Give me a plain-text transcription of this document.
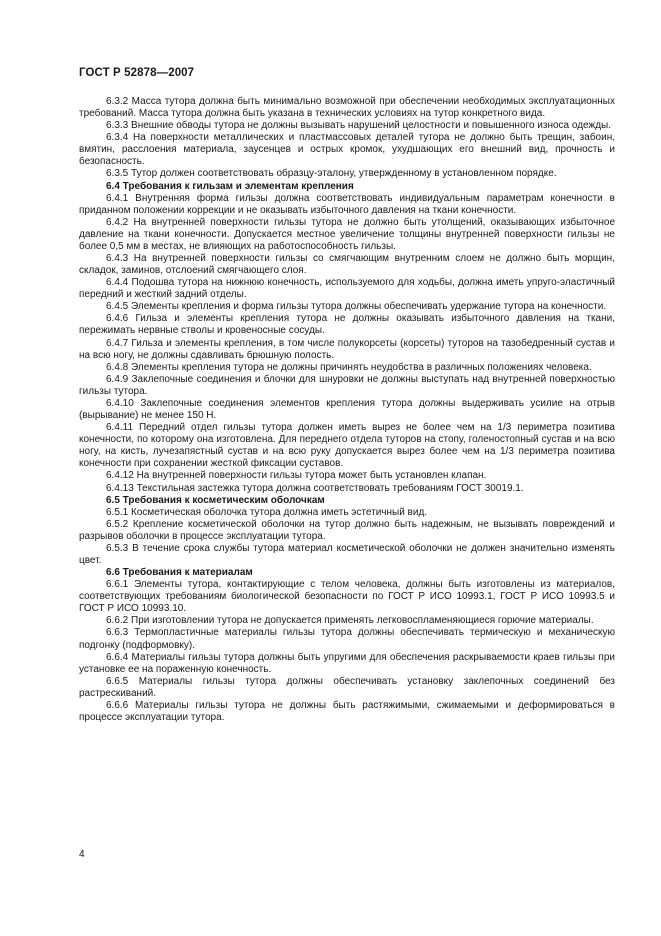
ГОСТ Р 52878—2007

6.3.2 Масса тутора должна быть минимально возможной при обеспечении необходимых эксплуатационных требований. Масса тутора должна быть указана в технических условиях на тутор конкретного вида.

6.3.3 Внешние обводы тутора не должны вызывать нарушений целостности и повышенного износа одежды.

6.3.4 На поверхности металлических и пластмассовых деталей тутора не должно быть трещин, забоин, вмятин, расслоения материала, заусенцев и острых кромок, ухудшающих его внешний вид, прочность и безопасность.

6.3.5 Тутор должен соответствовать образцу-эталону, утвержденному в установленном порядке.

6.4 Требования к гильзам и элементам крепления

6.4.1 Внутренняя форма гильзы должна соответствовать индивидуальным параметрам конечности в приданном положении коррекции и не оказывать избыточного давления на ткани конечности.

6.4.2 На внутренней поверхности гильзы тутора не должно быть утолщений, оказывающих избыточное давление на ткани конечности. Допускается местное увеличение толщины внутренней поверхности гильзы не более 0,5 мм в местах, не влияющих на работоспособность гильзы.

6.4.3 На внутренней поверхности гильзы со смягчающим внутренним слоем не должно быть морщин, складок, заминов, отслоений смягчающего слоя.

6.4.4 Подошва тутора на нижнюю конечность, используемого для ходьбы, должна иметь упруго-эластичный передний и жесткий задний отделы.

6.4.5 Элементы крепления и форма гильзы тутора должны обеспечивать удержание тутора на конечности.

6.4.6 Гильза и элементы крепления тутора не должны оказывать избыточного давления на ткани, пережимать нервные стволы и кровеносные сосуды.

6.4.7 Гильза и элементы крепления, в том числе полукорсеты (корсеты) туторов на тазобедренный сустав и на всю ногу, не должны сдавливать брюшную полость.

6.4.8 Элементы крепления тутора не должны причинять неудобства в различных положениях человека.

6.4.9 Заклепочные соединения и блочки для шнуровки не должны выступать над внутренней поверхностью гильзы тутора.

6.4.10 Заклепочные соединения элементов крепления тутора должны выдерживать усилие на отрыв (вырывание) не менее 150 Н.

6.4.11 Передний отдел гильзы тутора должен иметь вырез не более чем на 1/3 периметра позитива конечности, по которому она изготовлена. Для переднего отдела туторов на стопу, голеностопный сустав и на всю ногу, на кисть, лучезапястный сустав и на всю руку допускается вырез более чем на 1/3 периметра позитива конечности при сохранении жесткой фиксации суставов.

6.4.12 На внутренней поверхности гильзы тутора может быть установлен клапан.

6.4.13 Текстильная застежка тутора должна соответствовать требованиям ГОСТ 30019.1.

6.5 Требования к косметическим оболочкам

6.5.1 Косметическая оболочка тутора должна иметь эстетичный вид.

6.5.2 Крепление косметической оболочки на тутор должно быть надежным, не вызывать повреждений и разрывов оболочки в процессе эксплуатации тутора.

6.5.3 В течение срока службы тутора материал косметической оболочки не должен значительно изменять цвет.

6.6 Требования к материалам

6.6.1 Элементы тутора, контактирующие с телом человека, должны быть изготовлены из материалов, соответствующих требованиям биологической безопасности по ГОСТ Р ИСО 10993.1, ГОСТ Р ИСО 10993.5 и ГОСТ Р ИСО 10993.10.

6.6.2 При изготовлении тутора не допускается применять легковоспламеняющиеся горючие материалы.

6.6.3 Термопластичные материалы гильзы тутора должны обеспечивать термическую и механическую подгонку (подформовку).

6.6.4 Материалы гильзы тутора должны быть упругими для обеспечения раскрываемости краев гильзы при установке ее на пораженную конечность.

6.6.5 Материалы гильзы тутора должны обеспечивать установку заклепочных соединений без растрескиваний.

6.6.6 Материалы гильзы тутора не должны быть растяжимыми, сжимаемыми и деформироваться в процессе эксплуатации тутора.

4
